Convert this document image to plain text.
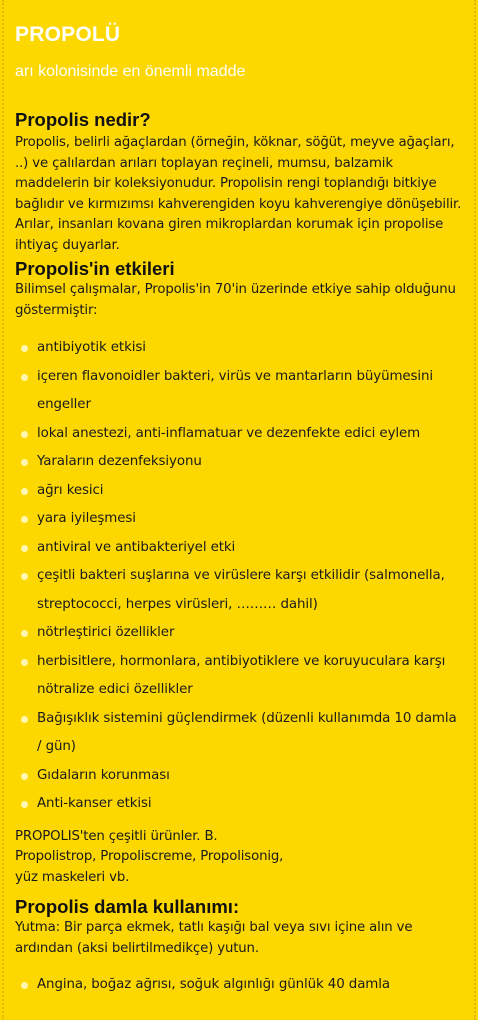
PROPOLÜ
arı kolonisinde en önemli madde
Propolis nedir?

Propolis, belirli ağaçlardan (örneğin, köknar, söğüt, meyve ağaçları, ..) ve çalılardan arıları toplayan reçineli, mumsu, balzamik maddelerin bir koleksiyonudur. Propolisin rengi toplandığı bitkiye bağlıdır ve kırmızımsı kahverengiden koyu kahverengiye dönüşebilir.

Arılar, insanları kovana giren mikroplardan korumak için propolise ihtiyaç duyarlar.

Propolis'in etkileri

Bilimsel çalışmalar, Propolis'in 70'in üzerinde etkiye sahip olduğunu göstermiştir:

antibiyotik etkisi
içeren flavonoidler bakteri, virüs ve mantarların büyümesini engeller
lokal anestezi, anti-inflamatuar ve dezenfekte edici eylem
Yaraların dezenfeksiyonu
ağrı kesici
yara iyileşmesi
antiviral ve antibakteriyel etki
çeşitli bakteri suşlarına ve virüslere karşı etkilidir (salmonella, streptococci, herpes virüsleri, ……… dahil)
nötrleştirici özellikler
herbisitlere, hormonlara, antibiyotiklere ve koruyuculara karşı nötralize edici özellikler
Bağışıklık sistemini güçlendirmek (düzenli kullanımda 10 damla / gün)
Gıdaların korunması
Anti-kanser etkisi

PROPOLIS'ten çeşitli ürünler. B.

Propolistrop, Propoliscreme, Propolisonig,

yüz maskeleri vb.

Propolis damla kullanımı:

Yutma: Bir parça ekmek, tatlı kaşığı bal veya sıvı içine alın ve ardından (aksi belirtilmedikçe) yutun.

Angina, boğaz ağrısı, soğuk algınlığı günlük 40 damla
